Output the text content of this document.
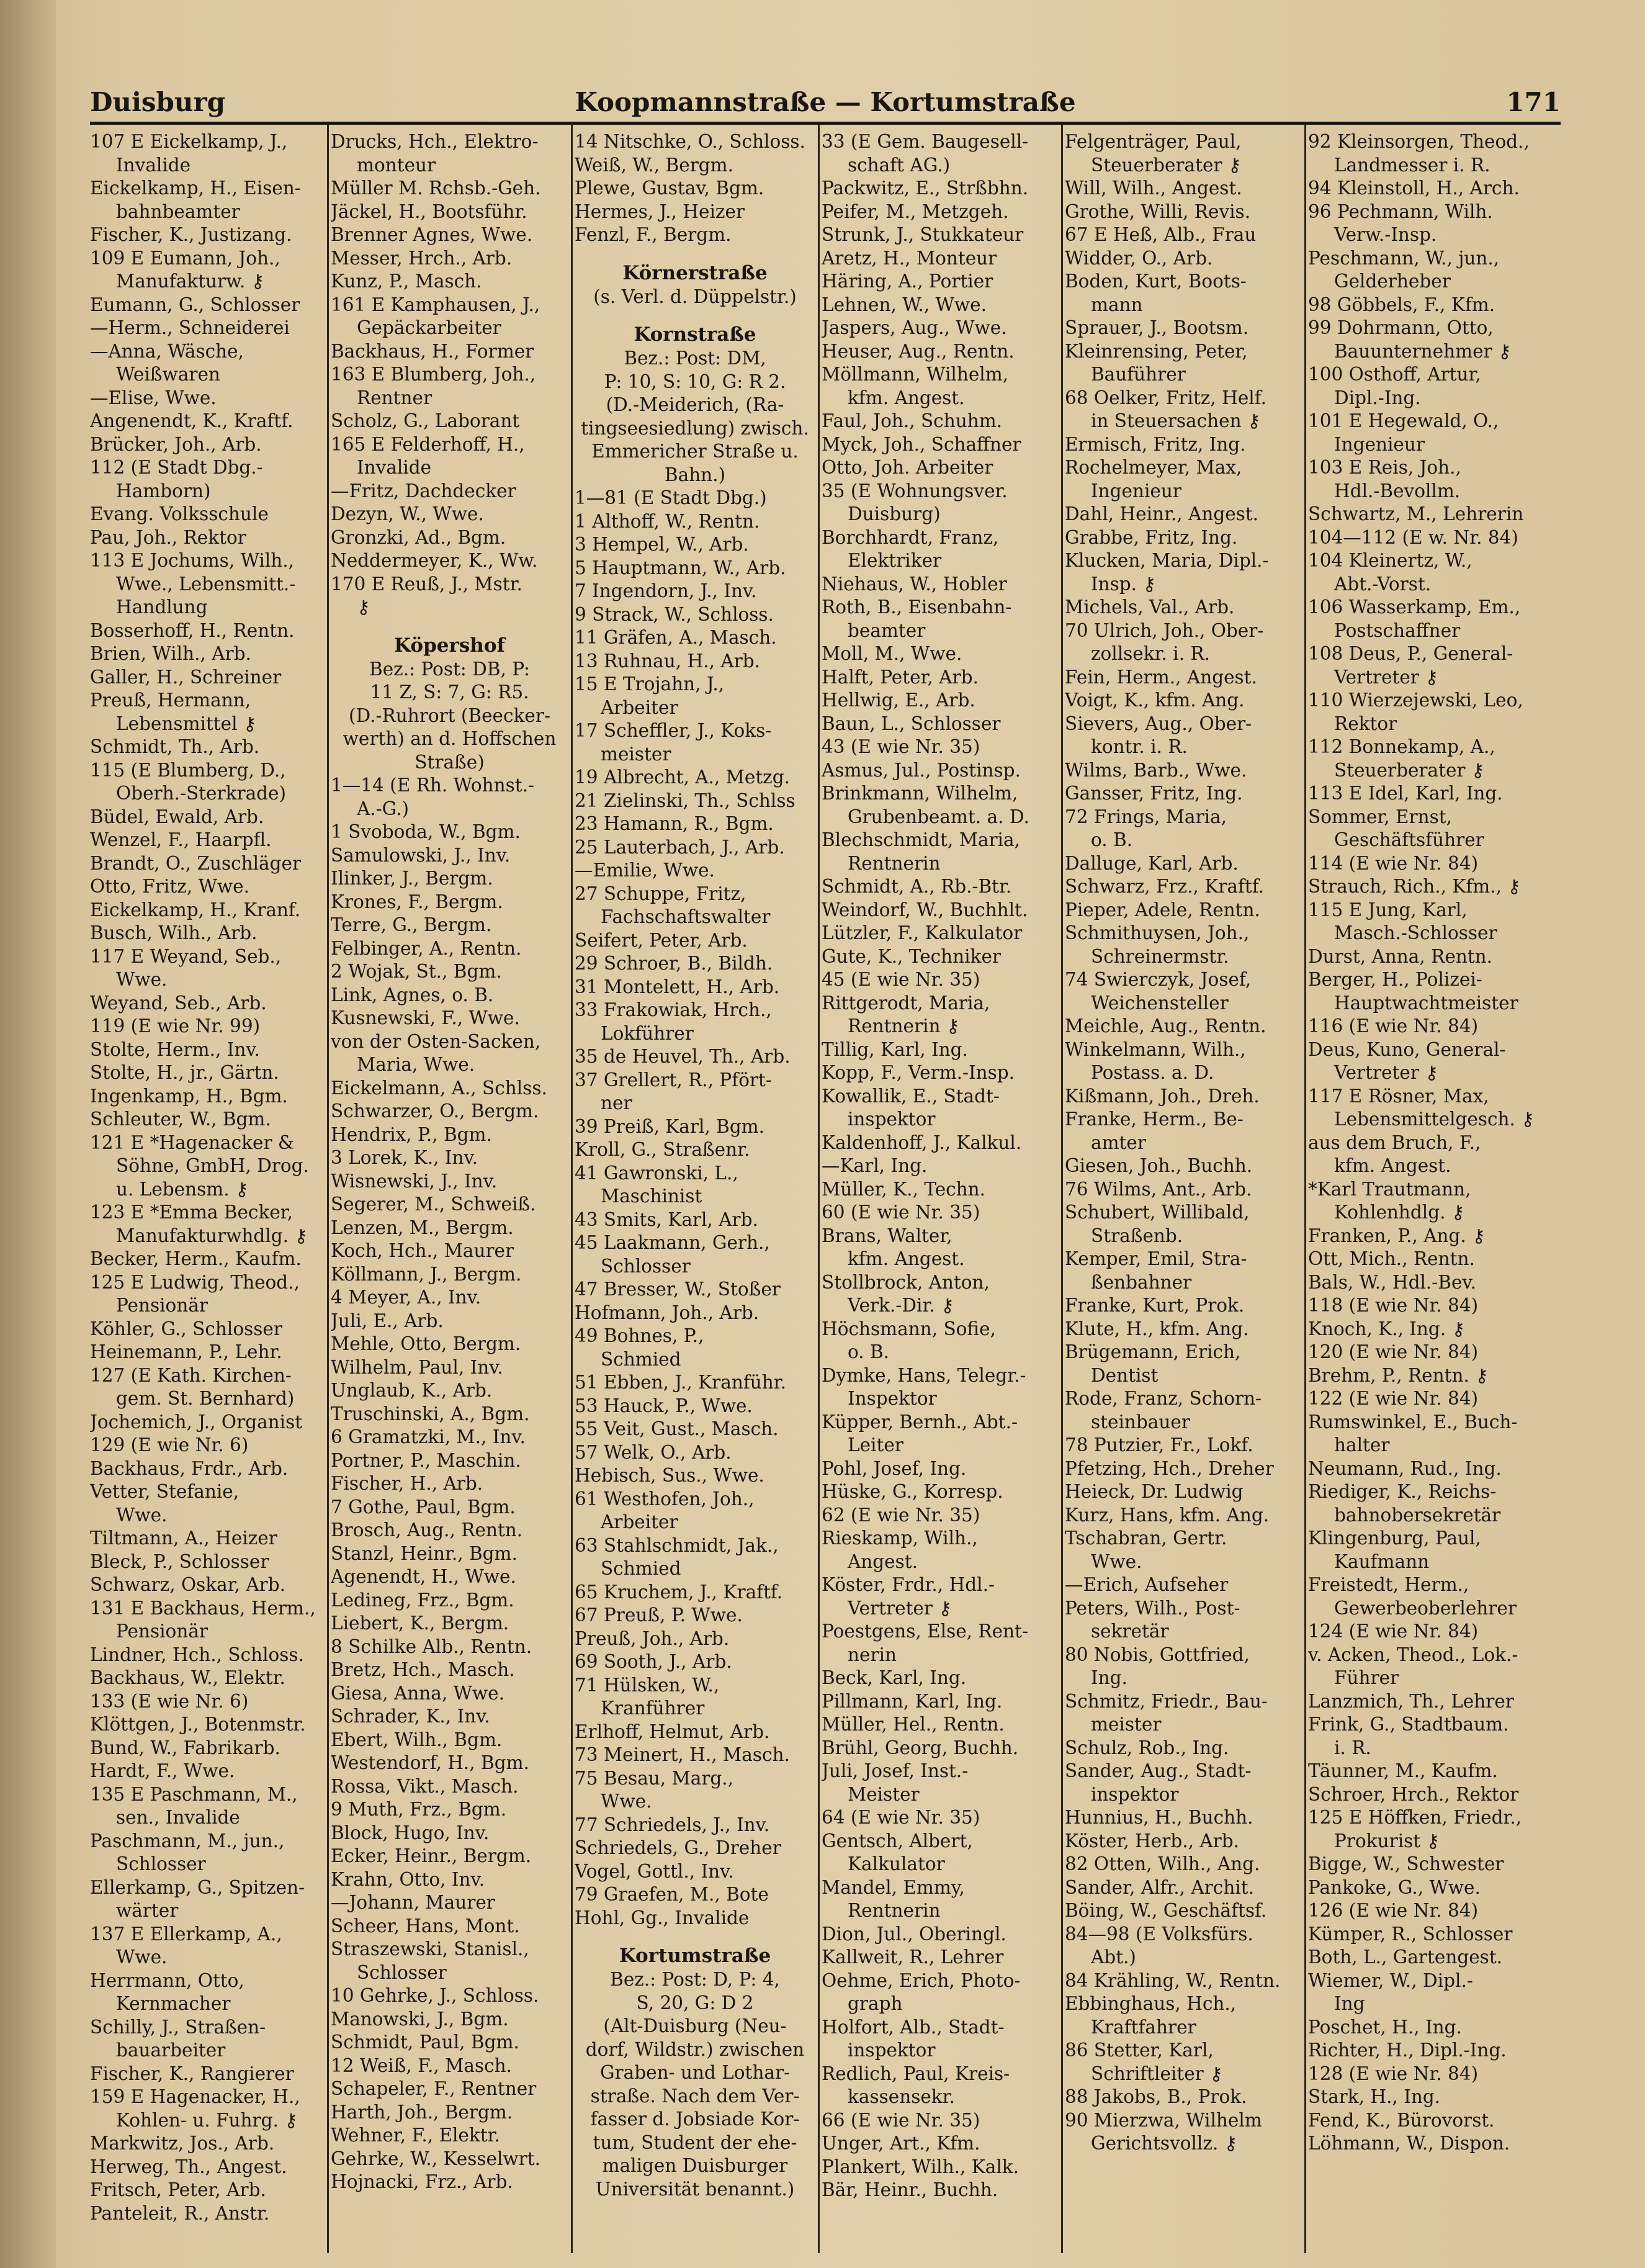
Duisburg	Koopmannstraße — Kortumstraße	171
107 E Eickelkamp, J.,
Invalide
Eickelkamp, H., Eisen-
bahnbeamter
Fischer, K., Justizang.
109 E Eumann, Joh.,
Manufakturw. ⚷
Eumann, G., Schlosser
—Herm., Schneiderei
—Anna, Wäsche,
Weißwaren
—Elise, Wwe.
Angenendt, K., Kraftf.
Brücker, Joh., Arb.
112 (E Stadt Dbg.-
Hamborn)
Evang. Volksschule
Pau, Joh., Rektor
113 E Jochums, Wilh.,
Wwe., Lebensmitt.-
Handlung
Bosserhoff, H., Rentn.
Brien, Wilh., Arb.
Galler, H., Schreiner
Preuß, Hermann,
Lebensmittel ⚷
Schmidt, Th., Arb.
115 (E Blumberg, D.,
Oberh.-Sterkrade)
Büdel, Ewald, Arb.
Wenzel, F., Haarpfl.
Brandt, O., Zuschläger
Otto, Fritz, Wwe.
Eickelkamp, H., Kranf.
Busch, Wilh., Arb.
117 E Weyand, Seb.,
Wwe.
Weyand, Seb., Arb.
119 (E wie Nr. 99)
Stolte, Herm., Inv.
Stolte, H., jr., Gärtn.
Ingenkamp, H., Bgm.
Schleuter, W., Bgm.
121 E *Hagenacker &
Söhne, GmbH, Drog.
u. Lebensm. ⚷
123 E *Emma Becker,
Manufakturwhdlg. ⚷
Becker, Herm., Kaufm.
125 E Ludwig, Theod.,
Pensionär
Köhler, G., Schlosser
Heinemann, P., Lehr.
127 (E Kath. Kirchen-
gem. St. Bernhard)
Jochemich, J., Organist
129 (E wie Nr. 6)
Backhaus, Frdr., Arb.
Vetter, Stefanie,
Wwe.
Tiltmann, A., Heizer
Bleck, P., Schlosser
Schwarz, Oskar, Arb.
131 E Backhaus, Herm.,
Pensionär
Lindner, Hch., Schloss.
Backhaus, W., Elektr.
133 (E wie Nr. 6)
Klöttgen, J., Botenmstr.
Bund, W., Fabrikarb.
Hardt, F., Wwe.
135 E Paschmann, M.,
sen., Invalide
Paschmann, M., jun.,
Schlosser
Ellerkamp, G., Spitzen-
wärter
137 E Ellerkamp, A.,
Wwe.
Herrmann, Otto,
Kernmacher
Schilly, J., Straßen-
bauarbeiter
Fischer, K., Rangierer
159 E Hagenacker, H.,
Kohlen- u. Fuhrg. ⚷
Markwitz, Jos., Arb.
Herweg, Th., Angest.
Fritsch, Peter, Arb.
Panteleit, R., Anstr.
Drucks, Hch., Elektro-
monteur
Müller M. Rchsb.-Geh.
Jäckel, H., Bootsführ.
Brenner Agnes, Wwe.
Messer, Hrch., Arb.
Kunz, P., Masch.
161 E Kamphausen, J.,
Gepäckarbeiter
Backhaus, H., Former
163 E Blumberg, Joh.,
Rentner
Scholz, G., Laborant
165 E Felderhoff, H.,
Invalide
—Fritz, Dachdecker
Dezyn, W., Wwe.
Gronzki, Ad., Bgm.
Neddermeyer, K., Ww.
170 E Reuß, J., Mstr.
⚷
Köpershof
Bez.: Post: DB, P:
11 Z, S: 7, G: R5.
(D.-Ruhrort (Beecker-
werth) an d. Hoffschen
Straße)
1—14 (E Rh. Wohnst.-
A.-G.)
1 Svoboda, W., Bgm.
Samulowski, J., Inv.
Ilinker, J., Bergm.
Krones, F., Bergm.
Terre, G., Bergm.
Felbinger, A., Rentn.
2 Wojak, St., Bgm.
Link, Agnes, o. B.
Kusnewski, F., Wwe.
von der Osten-Sacken,
Maria, Wwe.
Eickelmann, A., Schlss.
Schwarzer, O., Bergm.
Hendrix, P., Bgm.
3 Lorek, K., Inv.
Wisnewski, J., Inv.
Segerer, M., Schweiß.
Lenzen, M., Bergm.
Koch, Hch., Maurer
Köllmann, J., Bergm.
4 Meyer, A., Inv.
Juli, E., Arb.
Mehle, Otto, Bergm.
Wilhelm, Paul, Inv.
Unglaub, K., Arb.
Truschinski, A., Bgm.
6 Gramatzki, M., Inv.
Portner, P., Maschin.
Fischer, H., Arb.
7 Gothe, Paul, Bgm.
Brosch, Aug., Rentn.
Stanzl, Heinr., Bgm.
Agenendt, H., Wwe.
Ledineg, Frz., Bgm.
Liebert, K., Bergm.
8 Schilke Alb., Rentn.
Bretz, Hch., Masch.
Giesa, Anna, Wwe.
Schrader, K., Inv.
Ebert, Wilh., Bgm.
Westendorf, H., Bgm.
Rossa, Vikt., Masch.
9 Muth, Frz., Bgm.
Block, Hugo, Inv.
Ecker, Heinr., Bergm.
Krahn, Otto, Inv.
—Johann, Maurer
Scheer, Hans, Mont.
Straszewski, Stanisl.,
Schlosser
10 Gehrke, J., Schloss.
Manowski, J., Bgm.
Schmidt, Paul, Bgm.
12 Weiß, F., Masch.
Schapeler, F., Rentner
Harth, Joh., Bergm.
Wehner, F., Elektr.
Gehrke, W., Kesselwrt.
Hojnacki, Frz., Arb.
14 Nitschke, O., Schloss.
Weiß, W., Bergm.
Plewe, Gustav, Bgm.
Hermes, J., Heizer
Fenzl, F., Bergm.
Körnerstraße
(s. Verl. d. Düppelstr.)
Kornstraße
Bez.: Post: DM,
P: 10, S: 10, G: R 2.
(D.-Meiderich, (Ra-
tingseesiedlung) zwisch.
Emmericher Straße u.
Bahn.)
1—81 (E Stadt Dbg.)
1 Althoff, W., Rentn.
3 Hempel, W., Arb.
5 Hauptmann, W., Arb.
7 Ingendorn, J., Inv.
9 Strack, W., Schloss.
11 Gräfen, A., Masch.
13 Ruhnau, H., Arb.
15 E Trojahn, J.,
Arbeiter
17 Scheffler, J., Koks-
meister
19 Albrecht, A., Metzg.
21 Zielinski, Th., Schlss
23 Hamann, R., Bgm.
25 Lauterbach, J., Arb.
—Emilie, Wwe.
27 Schuppe, Fritz,
Fachschaftswalter
Seifert, Peter, Arb.
29 Schroer, B., Bildh.
31 Montelett, H., Arb.
33 Frakowiak, Hrch.,
Lokführer
35 de Heuvel, Th., Arb.
37 Grellert, R., Pfört-
ner
39 Preiß, Karl, Bgm.
Kroll, G., Straßenr.
41 Gawronski, L.,
Maschinist
43 Smits, Karl, Arb.
45 Laakmann, Gerh.,
Schlosser
47 Bresser, W., Stoßer
Hofmann, Joh., Arb.
49 Bohnes, P.,
Schmied
51 Ebben, J., Kranführ.
53 Hauck, P., Wwe.
55 Veit, Gust., Masch.
57 Welk, O., Arb.
Hebisch, Sus., Wwe.
61 Westhofen, Joh.,
Arbeiter
63 Stahlschmidt, Jak.,
Schmied
65 Kruchem, J., Kraftf.
67 Preuß, P. Wwe.
Preuß, Joh., Arb.
69 Sooth, J., Arb.
71 Hülsken, W.,
Kranführer
Erlhoff, Helmut, Arb.
73 Meinert, H., Masch.
75 Besau, Marg.,
Wwe.
77 Schriedels, J., Inv.
Schriedels, G., Dreher
Vogel, Gottl., Inv.
79 Graefen, M., Bote
Hohl, Gg., Invalide
Kortumstraße
Bez.: Post: D, P: 4,
S, 20, G: D 2
(Alt-Duisburg (Neu-
dorf, Wildstr.) zwischen
Graben- und Lothar-
straße. Nach dem Ver-
fasser d. Jobsiade Kor-
tum, Student der ehe-
maligen Duisburger
Universität benannt.)
33 (E Gem. Baugesell-
schaft AG.)
Packwitz, E., Strßbhn.
Peifer, M., Metzgeh.
Strunk, J., Stukkateur
Aretz, H., Monteur
Häring, A., Portier
Lehnen, W., Wwe.
Jaspers, Aug., Wwe.
Heuser, Aug., Rentn.
Möllmann, Wilhelm,
kfm. Angest.
Faul, Joh., Schuhm.
Myck, Joh., Schaffner
Otto, Joh. Arbeiter
35 (E Wohnungsver.
Duisburg)
Borchhardt, Franz,
Elektriker
Niehaus, W., Hobler
Roth, B., Eisenbahn-
beamter
Moll, M., Wwe.
Halft, Peter, Arb.
Hellwig, E., Arb.
Baun, L., Schlosser
43 (E wie Nr. 35)
Asmus, Jul., Postinsp.
Brinkmann, Wilhelm,
Grubenbeamt. a. D.
Blechschmidt, Maria,
Rentnerin
Schmidt, A., Rb.-Btr.
Weindorf, W., Buchhlt.
Lützler, F., Kalkulator
Gute, K., Techniker
45 (E wie Nr. 35)
Rittgerodt, Maria,
Rentnerin ⚷
Tillig, Karl, Ing.
Kopp, F., Verm.-Insp.
Kowallik, E., Stadt-
inspektor
Kaldenhoff, J., Kalkul.
—Karl, Ing.
Müller, K., Techn.
60 (E wie Nr. 35)
Brans, Walter,
kfm. Angest.
Stollbrock, Anton,
Verk.-Dir. ⚷
Höchsmann, Sofie,
o. B.
Dymke, Hans, Telegr.-
Inspektor
Küpper, Bernh., Abt.-
Leiter
Pohl, Josef, Ing.
Hüske, G., Korresp.
62 (E wie Nr. 35)
Rieskamp, Wilh.,
Angest.
Köster, Frdr., Hdl.-
Vertreter ⚷
Poestgens, Else, Rent-
nerin
Beck, Karl, Ing.
Pillmann, Karl, Ing.
Müller, Hel., Rentn.
Brühl, Georg, Buchh.
Juli, Josef, Inst.-
Meister
64 (E wie Nr. 35)
Gentsch, Albert,
Kalkulator
Mandel, Emmy,
Rentnerin
Dion, Jul., Oberingl.
Kallweit, R., Lehrer
Oehme, Erich, Photo-
graph
Holfort, Alb., Stadt-
inspektor
Redlich, Paul, Kreis-
kassensekr.
66 (E wie Nr. 35)
Unger, Art., Kfm.
Plankert, Wilh., Kalk.
Bär, Heinr., Buchh.
Felgenträger, Paul,
Steuerberater ⚷
Will, Wilh., Angest.
Grothe, Willi, Revis.
67 E Heß, Alb., Frau
Widder, O., Arb.
Boden, Kurt, Boots-
mann
Sprauer, J., Bootsm.
Kleinrensing, Peter,
Bauführer
68 Oelker, Fritz, Helf.
in Steuersachen ⚷
Ermisch, Fritz, Ing.
Rochelmeyer, Max,
Ingenieur
Dahl, Heinr., Angest.
Grabbe, Fritz, Ing.
Klucken, Maria, Dipl.-
Insp. ⚷
Michels, Val., Arb.
70 Ulrich, Joh., Ober-
zollsekr. i. R.
Fein, Herm., Angest.
Voigt, K., kfm. Ang.
Sievers, Aug., Ober-
kontr. i. R.
Wilms, Barb., Wwe.
Gansser, Fritz, Ing.
72 Frings, Maria,
o. B.
Dalluge, Karl, Arb.
Schwarz, Frz., Kraftf.
Pieper, Adele, Rentn.
Schmithuysen, Joh.,
Schreinermstr.
74 Swierczyk, Josef,
Weichensteller
Meichle, Aug., Rentn.
Winkelmann, Wilh.,
Postass. a. D.
Kißmann, Joh., Dreh.
Franke, Herm., Be-
amter
Giesen, Joh., Buchh.
76 Wilms, Ant., Arb.
Schubert, Willibald,
Straßenb.
Kemper, Emil, Stra-
ßenbahner
Franke, Kurt, Prok.
Klute, H., kfm. Ang.
Brügemann, Erich,
Dentist
Rode, Franz, Schorn-
steinbauer
78 Putzier, Fr., Lokf.
Pfetzing, Hch., Dreher
Heieck, Dr. Ludwig
Kurz, Hans, kfm. Ang.
Tschabran, Gertr.
Wwe.
—Erich, Aufseher
Peters, Wilh., Post-
sekretär
80 Nobis, Gottfried,
Ing.
Schmitz, Friedr., Bau-
meister
Schulz, Rob., Ing.
Sander, Aug., Stadt-
inspektor
Hunnius, H., Buchh.
Köster, Herb., Arb.
82 Otten, Wilh., Ang.
Sander, Alfr., Archit.
Böing, W., Geschäftsf.
84—98 (E Volksfürs.
Abt.)
84 Krähling, W., Rentn.
Ebbinghaus, Hch.,
Kraftfahrer
86 Stetter, Karl,
Schriftleiter ⚷
88 Jakobs, B., Prok.
90 Mierzwa, Wilhelm
Gerichtsvollz. ⚷
92 Kleinsorgen, Theod.,
Landmesser i. R.
94 Kleinstoll, H., Arch.
96 Pechmann, Wilh.
Verw.-Insp.
Peschmann, W., jun.,
Gelderheber
98 Göbbels, F., Kfm.
99 Dohrmann, Otto,
Bauunternehmer ⚷
100 Osthoff, Artur,
Dipl.-Ing.
101 E Hegewald, O.,
Ingenieur
103 E Reis, Joh.,
Hdl.-Bevollm.
Schwartz, M., Lehrerin
104—112 (E w. Nr. 84)
104 Kleinertz, W.,
Abt.-Vorst.
106 Wasserkamp, Em.,
Postschaffner
108 Deus, P., General-
Vertreter ⚷
110 Wierzejewski, Leo,
Rektor
112 Bonnekamp, A.,
Steuerberater ⚷
113 E Idel, Karl, Ing.
Sommer, Ernst,
Geschäftsführer
114 (E wie Nr. 84)
Strauch, Rich., Kfm., ⚷
115 E Jung, Karl,
Masch.-Schlosser
Durst, Anna, Rentn.
Berger, H., Polizei-
Hauptwachtmeister
116 (E wie Nr. 84)
Deus, Kuno, General-
Vertreter ⚷
117 E Rösner, Max,
Lebensmittelgesch. ⚷
aus dem Bruch, F.,
kfm. Angest.
*Karl Trautmann,
Kohlenhdlg. ⚷
Franken, P., Ang. ⚷
Ott, Mich., Rentn.
Bals, W., Hdl.-Bev.
118 (E wie Nr. 84)
Knoch, K., Ing. ⚷
120 (E wie Nr. 84)
Brehm, P., Rentn. ⚷
122 (E wie Nr. 84)
Rumswinkel, E., Buch-
halter
Neumann, Rud., Ing.
Riediger, K., Reichs-
bahnobersekretär
Klingenburg, Paul,
Kaufmann
Freistedt, Herm.,
Gewerbeoberlehrer
124 (E wie Nr. 84)
v. Acken, Theod., Lok.-
Führer
Lanzmich, Th., Lehrer
Frink, G., Stadtbaum.
i. R.
Täunner, M., Kaufm.
Schroer, Hrch., Rektor
125 E Höffken, Friedr.,
Prokurist ⚷
Bigge, W., Schwester
Pankoke, G., Wwe.
126 (E wie Nr. 84)
Kümper, R., Schlosser
Both, L., Gartengest.
Wiemer, W., Dipl.-
Ing
Poschet, H., Ing.
Richter, H., Dipl.-Ing.
128 (E wie Nr. 84)
Stark, H., Ing.
Fend, K., Bürovorst.
Löhmann, W., Dispon.
